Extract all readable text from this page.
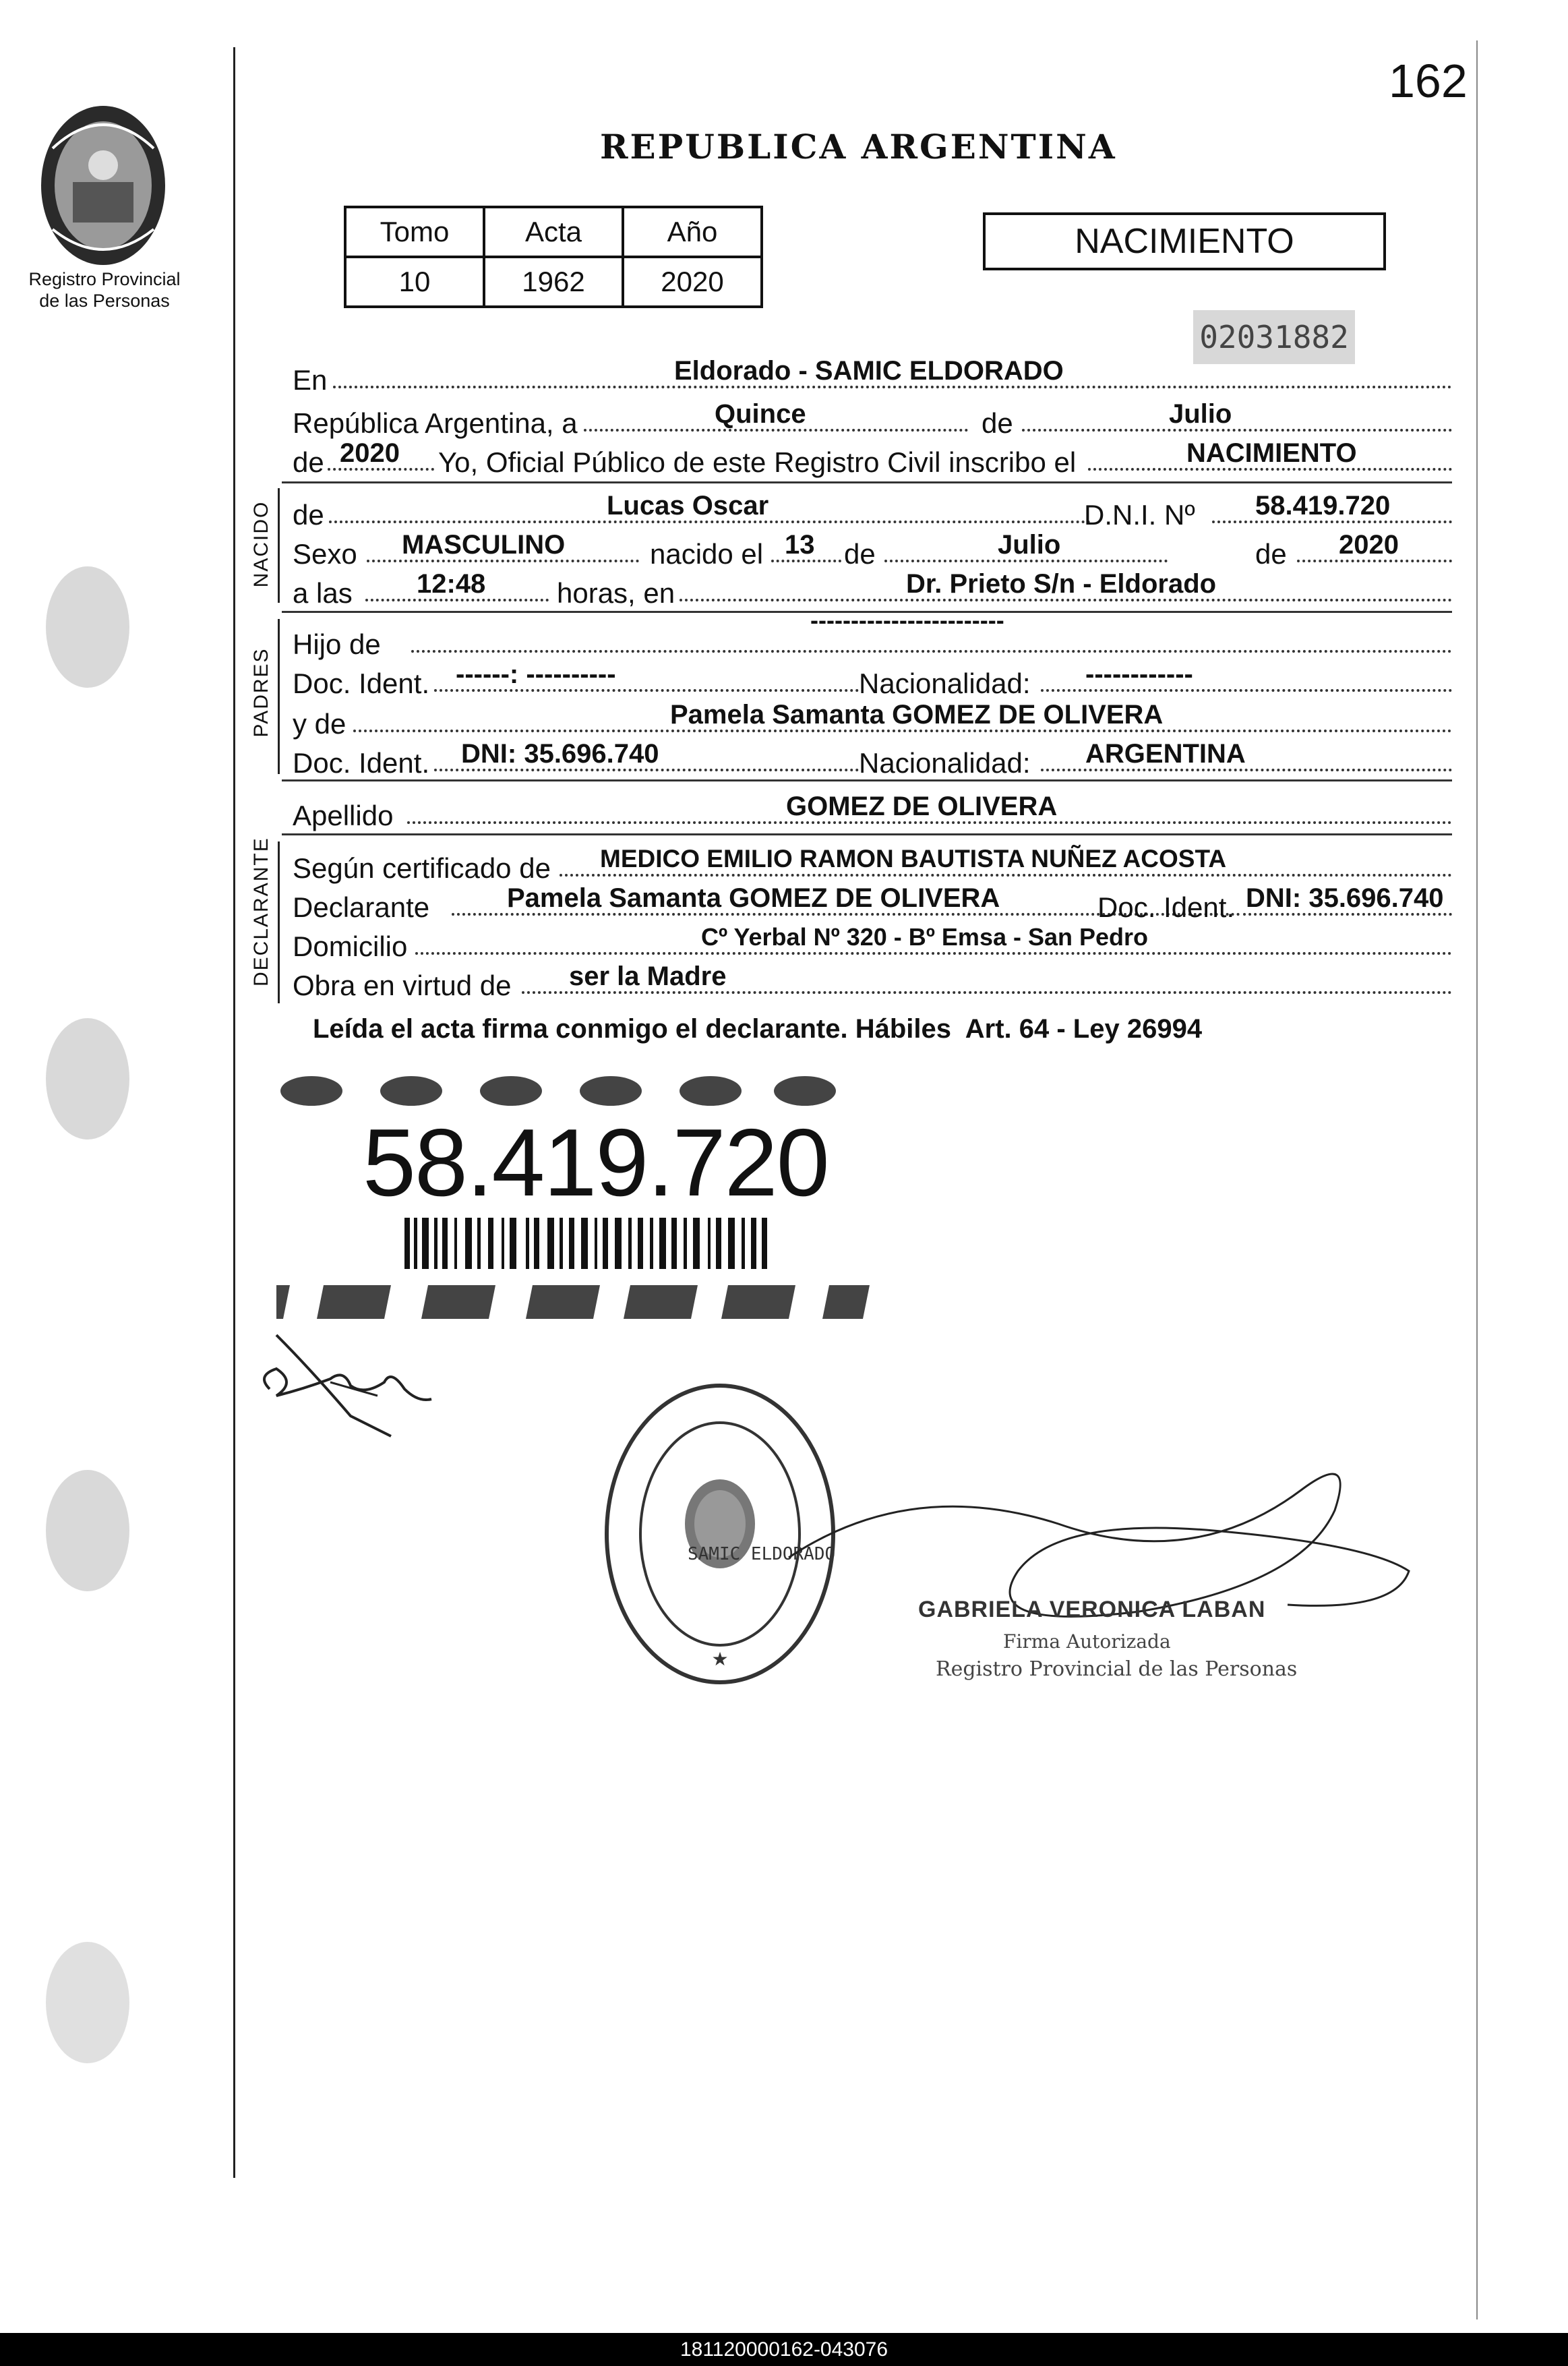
Registro Provincial
de las Personas
162
REPUBLICA ARGENTINA
Tomo	Acta	Año
10	1962	2020
NACIMIENTO
02031882
En	Eldorado - SAMIC ELDORADO
República Argentina, a	Quince	de	Julio
de 2020 Yo, Oficial Público de este Registro Civil inscribo el	NACIMIENTO
NACIDO de	Lucas Oscar	D.N.I. Nº 58.419.720
Sexo MASCULINO	nacido el 13 de	Julio	de 2020
a las 12:48	horas, en	Dr. Prieto S/n - Eldorado
PADRES
Hijo de
------------------------
Doc. Ident. ------: ----------	Nacionalidad: ------------
y de	Pamela Samanta GOMEZ DE OLIVERA
Doc. Ident. DNI: 35.696.740	Nacionalidad: ARGENTINA
Apellido	GOMEZ DE OLIVERA
DECLARANTE Según certificado de MEDICO EMILIO RAMON BAUTISTA NUÑEZ ACOSTA
Declarante	Pamela Samanta GOMEZ DE OLIVERA	Doc. Ident. DNI: 35.696.740
Domicilio	Cº Yerbal Nº 320 - Bº Emsa - San Pedro
Obra en virtud de ser la Madre
Leída el acta firma conmigo el declarante. Hábiles  Art. 64 - Ley 26994
58.419.720
★
SAMIC ELDORADO
GABRIELA VERONICA LABAN
Firma Autorizada
Registro Provincial de las Personas
181120000162-043076
